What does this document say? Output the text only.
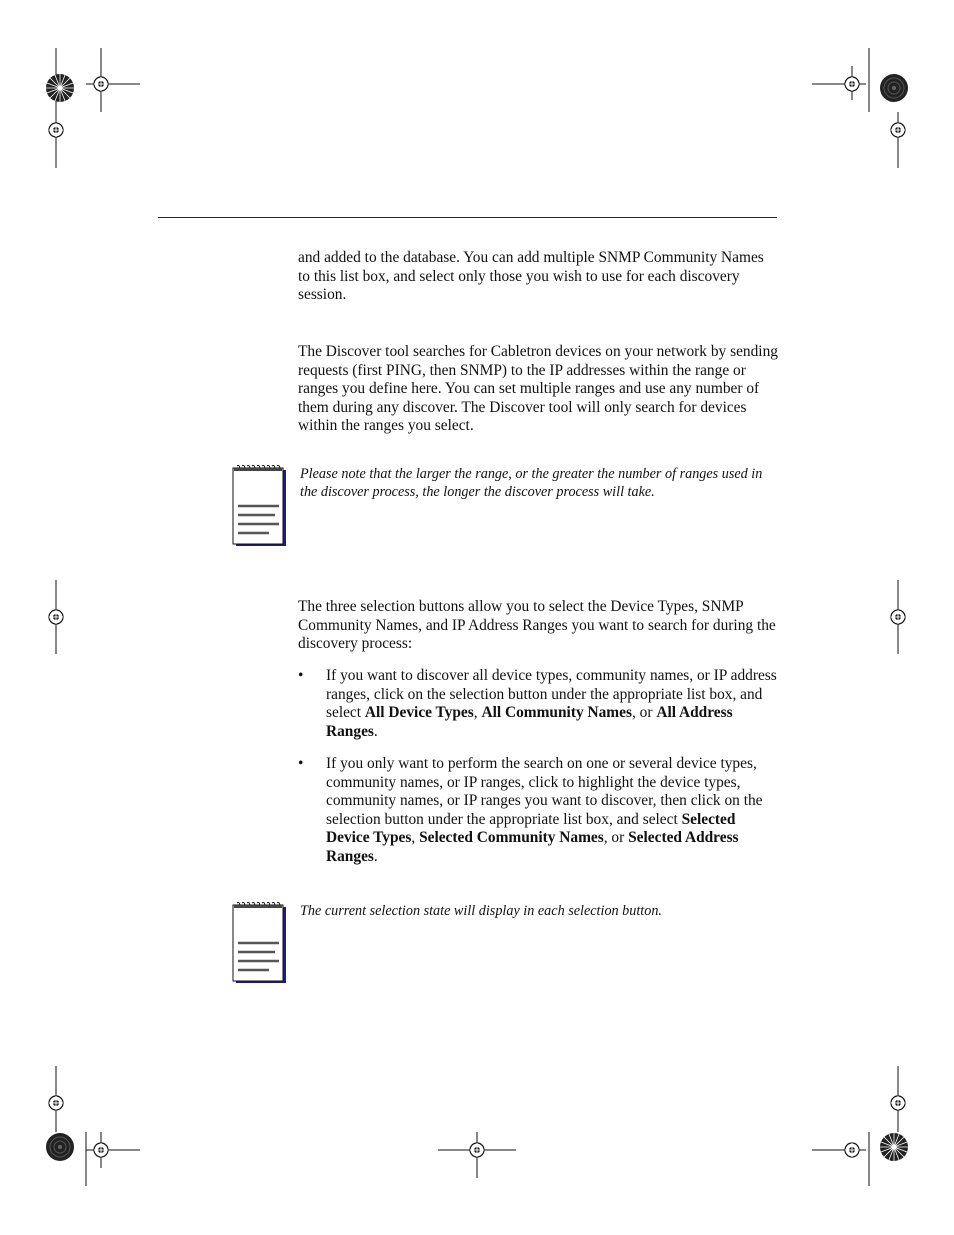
and added to the database. You can add multiple SNMP Community Names to this list box, and select only those you wish to use for each discovery session.

The Discover tool searches for Cabletron devices on your network by sending requests (first PING, then SNMP) to the IP addresses within the range or ranges you define here. You can set multiple ranges and use any number of them during any discover. The Discover tool will only search for devices within the ranges you select.

Please note that the larger the range, or the greater the number of ranges used in the discover process, the longer the discover process will take.

The three selection buttons allow you to select the Device Types, SNMP Community Names, and IP Address Ranges you want to search for during the discovery process:

• If you want to discover all device types, community names, or IP address ranges, click on the selection button under the appropriate list box, and select All Device Types, All Community Names, or All Address Ranges.

• If you only want to perform the search on one or several device types, community names, or IP ranges, click to highlight the device types, community names, or IP ranges you want to discover, then click on the selection button under the appropriate list box, and select Selected Device Types, Selected Community Names, or Selected Address Ranges.

The current selection state will display in each selection button.
